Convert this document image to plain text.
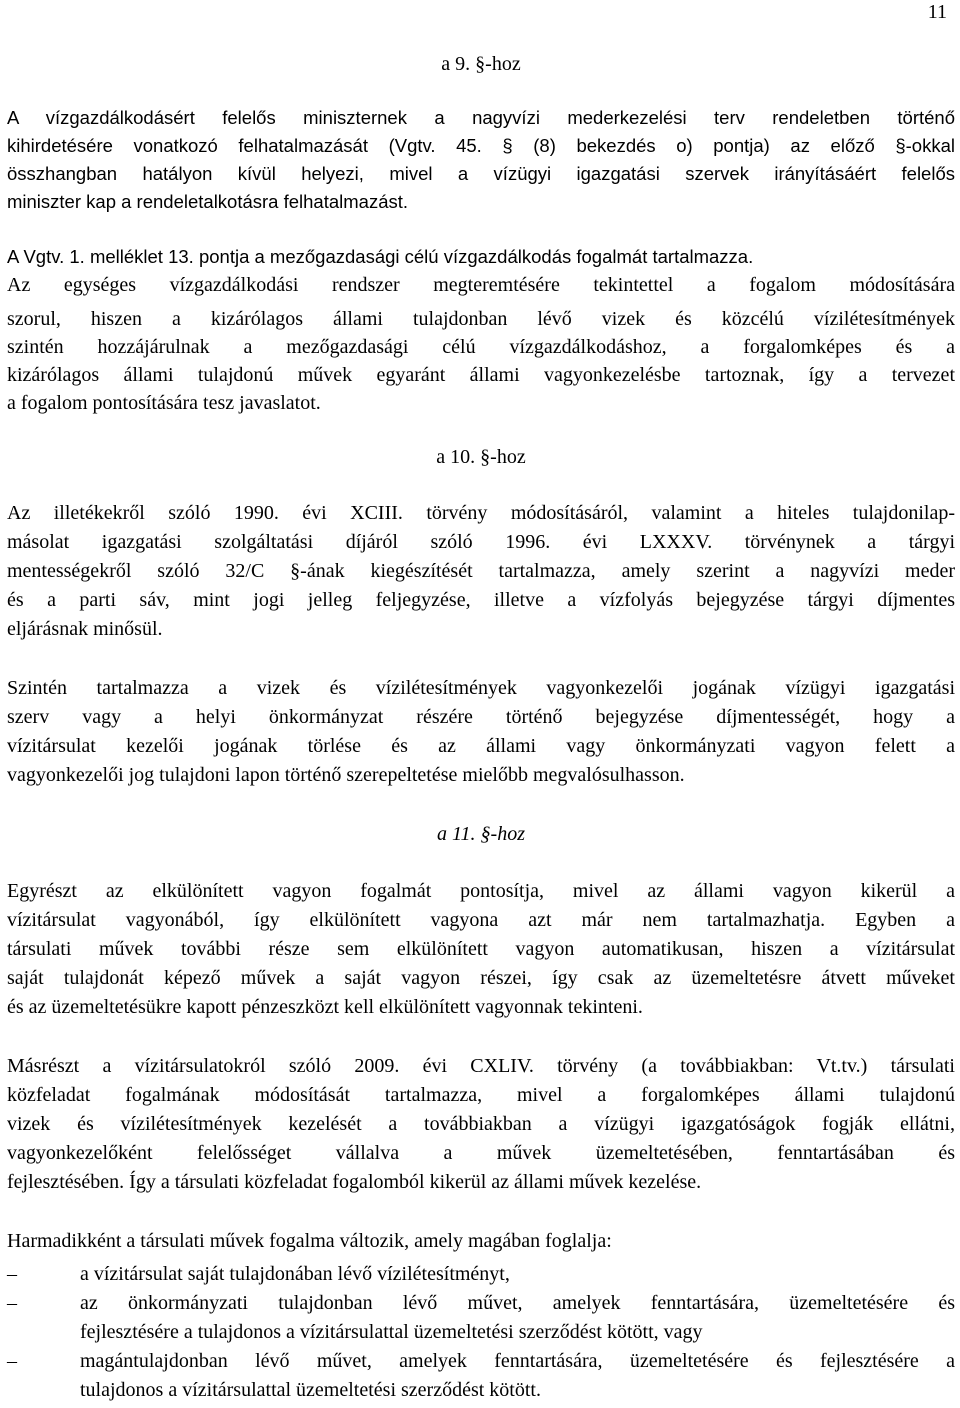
11
a 9. §-hoz
A vízgazdálkodásért felelős miniszternek a nagyvízi mederkezelési terv rendeletben történő
kihirdetésére vonatkozó felhatalmazását (Vgtv. 45. § (8) bekezdés o) pontja) az előző §-okkal
összhangban hatályon kívül helyezi, mivel a vízügyi igazgatási szervek irányításáért felelős
miniszter kap a rendeletalkotásra felhatalmazást.
A Vgtv. 1. melléklet 13. pontja a mezőgazdasági célú vízgazdálkodás fogalmát tartalmazza.
Az egységes vízgazdálkodási rendszer megteremtésére tekintettel a fogalom módosítására
szorul, hiszen a kizárólagos állami tulajdonban lévő vizek és közcélú vízilétesítmények
szintén hozzájárulnak a mezőgazdasági célú vízgazdálkodáshoz, a forgalomképes és a
kizárólagos állami tulajdonú művek egyaránt állami vagyonkezelésbe tartoznak, így a tervezet
a fogalom pontosítására tesz javaslatot.
a 10. §-hoz
Az illetékekről szóló 1990. évi XCIII. törvény módosításáról, valamint a hiteles tulajdonilap-
másolat igazgatási szolgáltatási díjáról szóló 1996. évi LXXXV. törvénynek a tárgyi
mentességekről szóló 32/C §-ának kiegészítését tartalmazza, amely szerint a nagyvízi meder
és a parti sáv, mint jogi jelleg feljegyzése, illetve a vízfolyás bejegyzése tárgyi díjmentes
eljárásnak minősül.
Szintén tartalmazza a vizek és vízilétesítmények vagyonkezelői jogának vízügyi igazgatási
szerv vagy a helyi önkormányzat részére történő bejegyzése díjmentességét, hogy a
vízitársulat kezelői jogának törlése és az állami vagy önkormányzati vagyon felett a
vagyonkezelői jog tulajdoni lapon történő szerepeltetése mielőbb megvalósulhasson.
a 11. §-hoz
Egyrészt az elkülönített vagyon fogalmát pontosítja, mivel az állami vagyon kikerül a
vízitársulat vagyonából, így elkülönített vagyona azt már nem tartalmazhatja. Egyben a
társulati művek további része sem elkülönített vagyon automatikusan, hiszen a vízitársulat
saját tulajdonát képező művek a saját vagyon részei, így csak az üzemeltetésre átvett műveket
és az üzemeltetésükre kapott pénzeszközt kell elkülönített vagyonnak tekinteni.
Másrészt a vízitársulatokról szóló 2009. évi CXLIV. törvény (a továbbiakban: Vt.tv.) társulati
közfeladat fogalmának módosítását tartalmazza, mivel a forgalomképes állami tulajdonú
vizek és vízilétesítmények kezelését a továbbiakban a vízügyi igazgatóságok fogják ellátni,
vagyonkezelőként felelősséget vállalva a művek üzemeltetésében, fenntartásában és
fejlesztésében. Így a társulati közfeladat fogalomból kikerül az állami művek kezelése.
Harmadikként a társulati művek fogalma változik, amely magában foglalja:
–	a vízitársulat saját tulajdonában lévő vízilétesítményt,
–	az önkormányzati tulajdonban lévő művet, amelyek fenntartására, üzemeltetésére és
fejlesztésére a tulajdonos a vízitársulattal üzemeltetési szerződést kötött, vagy
–	magántulajdonban lévő művet, amelyek fenntartására, üzemeltetésére és fejlesztésére a
tulajdonos a vízitársulattal üzemeltetési szerződést kötött.
